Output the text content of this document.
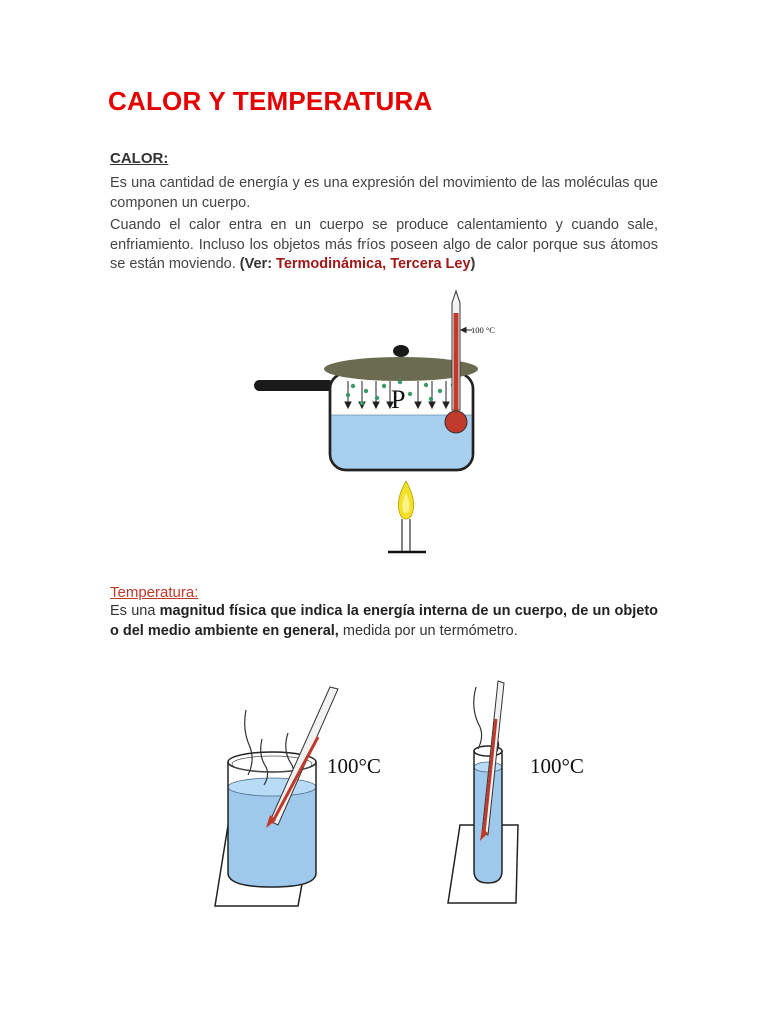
CALOR Y TEMPERATURA
CALOR:

Es una cantidad de energía y es una expresión del movimiento de las moléculas que componen un cuerpo.

Cuando el calor entra en un cuerpo se produce calentamiento y cuando sale, enfriamiento. Incluso los objetos más fríos poseen algo de calor porque sus átomos se están moviendo. (Ver: Termodinámica, Tercera Ley)

P
100 °C
Temperatura:

Es una magnitud física que indica la energía interna de un cuerpo, de un objeto o del medio ambiente en general, medida por un termómetro.

100°C	100°C
